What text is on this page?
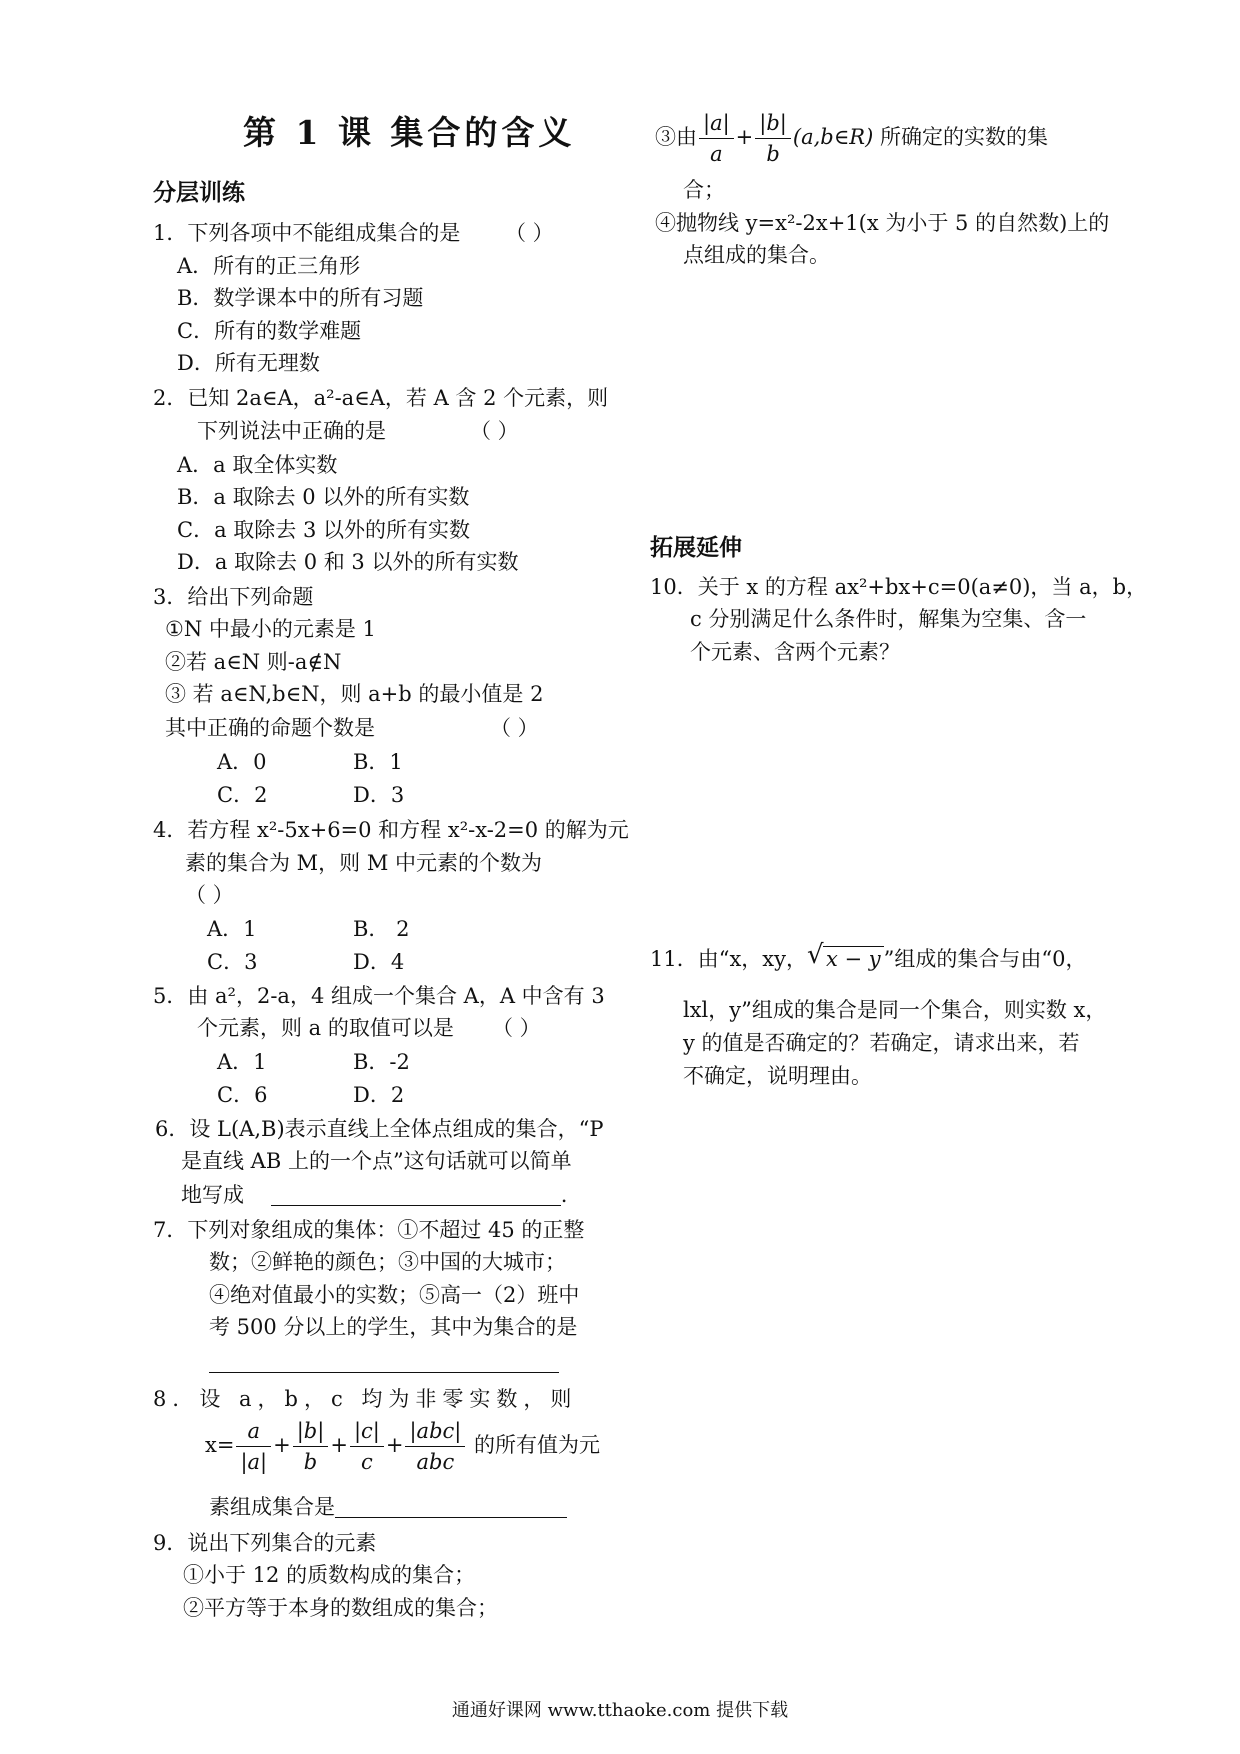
第 1 课 集合的含义
分层训练
1．下列各项中不能组成集合的是 （ ）
A．所有的正三角形
B．数学课本中的所有习题
C．所有的数学难题
D．所有无理数
2．已知 2a∈A，a²-a∈A，若 A 含 2 个元素，则
下列说法中正确的是	（ ）
A．a 取全体实数
B．a 取除去 0 以外的所有实数
C．a 取除去 3 以外的所有实数
D．a 取除去 0 和 3 以外的所有实数
3．给出下列命题
①N 中最小的元素是 1
②若 a∈N 则-a∉N
③ 若 a∈N,b∈N，则 a+b 的最小值是 2
其中正确的命题个数是	（ ）
A．0	B．1
C．2	D．3
4．若方程 x²-5x+6=0 和方程 x²-x-2=0 的解为元
素的集合为 M，则 M 中元素的个数为
（ ）
A．1	B． 2
C．3	D．4
5．由 a²，2-a，4 组成一个集合 A，A 中含有 3
个元素，则 a 的取值可以是 （ ）
A．1	B．-2
C．6	D．2
6．设 L(A,B)表示直线上全体点组成的集合，“P
是直线 AB 上的一个点”这句话就可以简单
地写成	.
7．下列对象组成的集体：①不超过 45 的正整
数；②鲜艳的颜色；③中国的大城市；
④绝对值最小的实数；⑤高一（2）班中
考 500 分以上的学生，其中为集合的是
8．设 a，b，c 均为非零实数，则
$x= \frac{a}{|a|} + \frac{|b|}{b} + \frac{|c|}{c} + \frac{\text{|abc|}}{\text{abc}}$ 的所有值为元
素组成集合是
9．说出下列集合的元素
①小于 12 的质数构成的集合；
②平方等于本身的数组成的集合；
③由 $\frac{|a|}{a} + \frac{|b|}{b}$ (a,b∈R) 所确定的实数的集
合；
④抛物线 y=x²-2x+1(x 为小于 5 的自然数)上的
点组成的集合。
拓展延伸
10．关于 x 的方程 ax²+bx+c=0(a≠0)，当 a，b，
c 分别满足什么条件时，解集为空集、含一
个元素、含两个元素？
11．由“x，xy， √ x − y ”组成的集合与由“0，
lxl，y”组成的集合是同一个集合，则实数 x，
y 的值是否确定的？若确定，请求出来，若
不确定，说明理由。
通通好课网 www.tthaoke.com 提供下载
